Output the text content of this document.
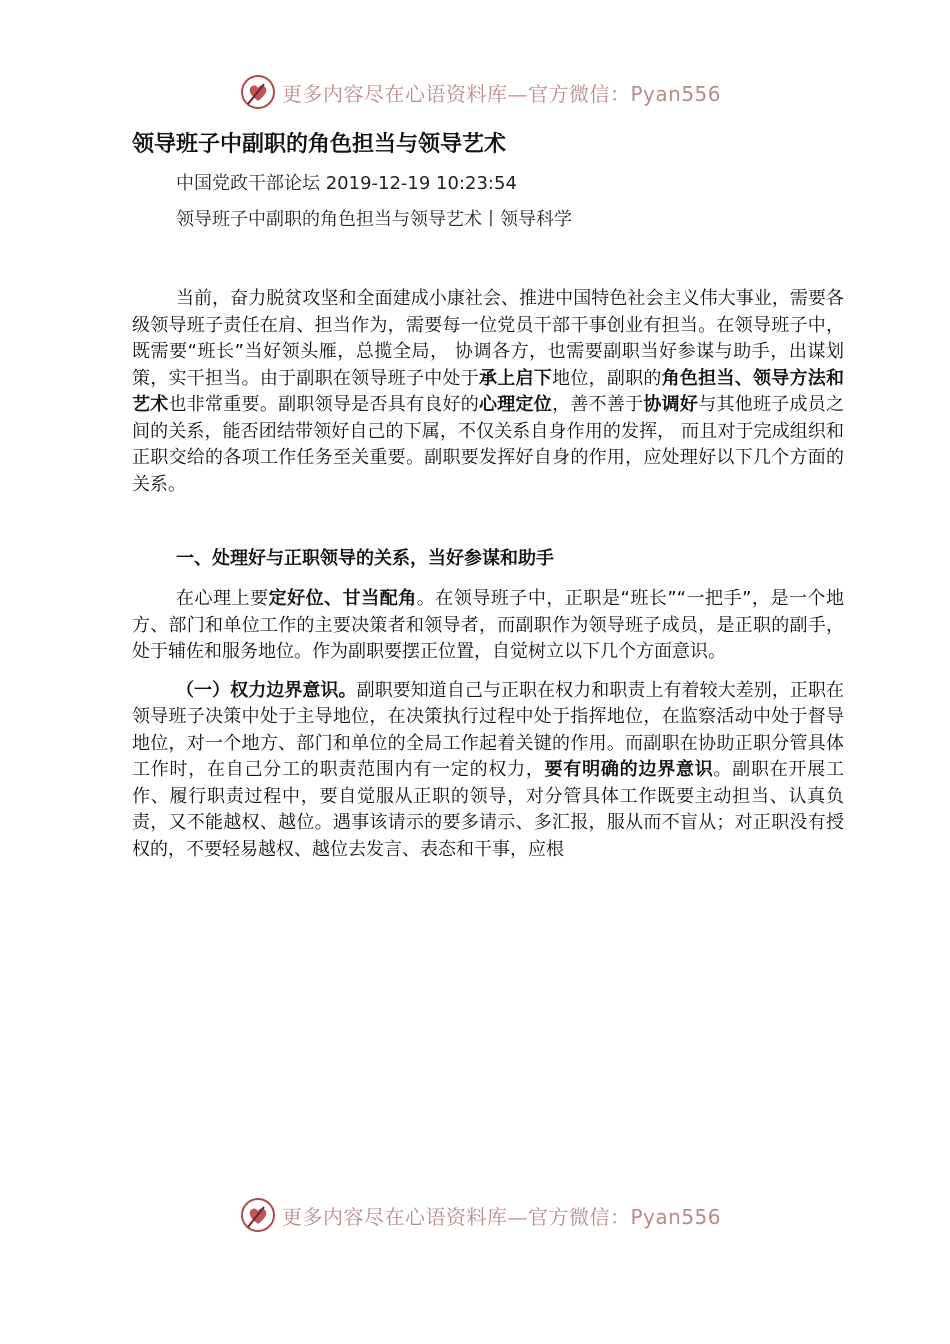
更多内容尽在心语资料库—官方微信：Pyan556
领导班子中副职的角色担当与领导艺术
中国党政干部论坛 2019-12-19 10:23:54
领导班子中副职的角色担当与领导艺术丨领导科学

当前，奋力脱贫攻坚和全面建成小康社会、推进中国特色社会主义伟大事业，需要各级领导班子责任在肩、担当作为，需要每一位党员干部干事创业有担当。在领导班子中，既需要“班长”当好领头雁，总揽全局， 协调各方，也需要副职当好参谋与助手，出谋划策，实干担当。由于副职在领导班子中处于承上启下地位，副职的角色担当、领导方法和艺术也非常重要。副职领导是否具有良好的心理定位，善不善于协调好与其他班子成员之间的关系，能否团结带领好自己的下属，不仅关系自身作用的发挥， 而且对于完成组织和正职交给的各项工作任务至关重要。副职要发挥好自身的作用，应处理好以下几个方面的关系。

一、处理好与正职领导的关系，当好参谋和助手

在心理上要定好位、甘当配角。在领导班子中，正职是“班长”“一把手”，是一个地方、部门和单位工作的主要决策者和领导者，而副职作为领导班子成员，是正职的副手，处于辅佐和服务地位。作为副职要摆正位置，自觉树立以下几个方面意识。

（一）权力边界意识。副职要知道自己与正职在权力和职责上有着较大差别，正职在领导班子决策中处于主导地位，在决策执行过程中处于指挥地位，在监察活动中处于督导地位，对一个地方、部门和单位的全局工作起着关键的作用。而副职在协助正职分管具体工作时，在自己分工的职责范围内有一定的权力，要有明确的边界意识。副职在开展工作、履行职责过程中，要自觉服从正职的领导，对分管具体工作既要主动担当、认真负责，又不能越权、越位。遇事该请示的要多请示、多汇报，服从而不盲从；对正职没有授权的，不要轻易越权、越位去发言、表态和干事，应根

更多内容尽在心语资料库—官方微信：Pyan556
